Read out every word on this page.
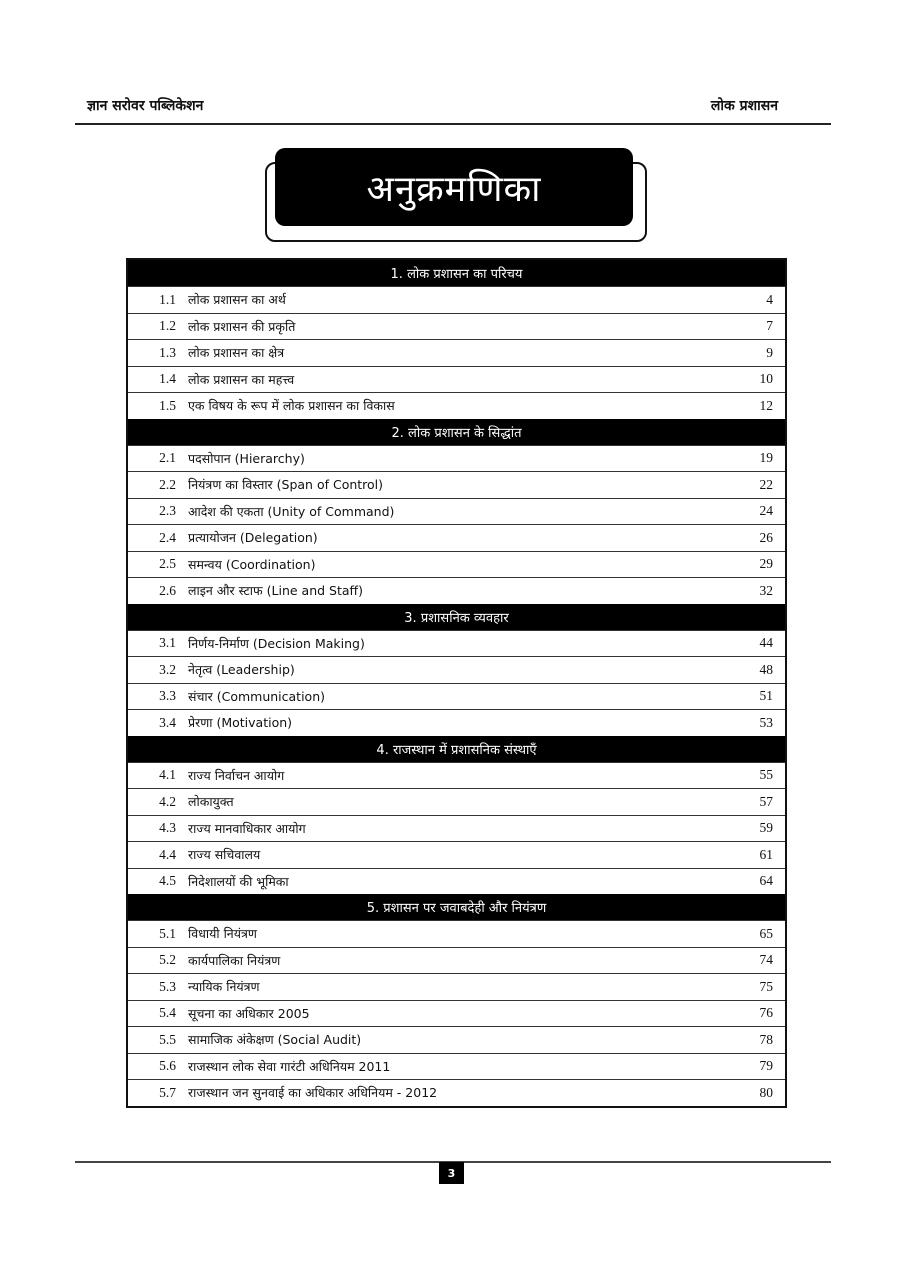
ज्ञान सरोवर पब्लिकेशन	लोक प्रशासन
अनुक्रमणिका
1. लोक प्रशासन का परिचय		
1.1	लोक प्रशासन का अर्थ	4
1.2	लोक प्रशासन की प्रकृति	7
1.3	लोक प्रशासन का क्षेत्र	9
1.4	लोक प्रशासन का महत्त्व	10
1.5	एक विषय के रूप में लोक प्रशासन का विकास	12
2. लोक प्रशासन के सिद्धांत		
2.1	पदसोपान (Hierarchy)	19
2.2	नियंत्रण का विस्तार (Span of Control)	22
2.3	आदेश की एकता (Unity of Command)	24
2.4	प्रत्यायोजन (Delegation)	26
2.5	समन्वय (Coordination)	29
2.6	लाइन और स्टाफ (Line and Staff)	32
3. प्रशासनिक व्यवहार		
3.1	निर्णय-निर्माण (Decision Making)	44
3.2	नेतृत्व (Leadership)	48
3.3	संचार (Communication)	51
3.4	प्रेरणा (Motivation)	53
4. राजस्थान में प्रशासनिक संस्थाएँ		
4.1	राज्य निर्वाचन आयोग	55
4.2	लोकायुक्त	57
4.3	राज्य मानवाधिकार आयोग	59
4.4	राज्य सचिवालय	61
4.5	निदेशालयों की भूमिका	64
5. प्रशासन पर जवाबदेही और नियंत्रण		
5.1	विधायी नियंत्रण	65
5.2	कार्यपालिका नियंत्रण	74
5.3	न्यायिक नियंत्रण	75
5.4	सूचना का अधिकार 2005	76
5.5	सामाजिक अंकेक्षण (Social Audit)	78
5.6	राजस्थान लोक सेवा गारंटी अधिनियम 2011	79
5.7	राजस्थान जन सुनवाई का अधिकार अधिनियम - 2012	80
3
